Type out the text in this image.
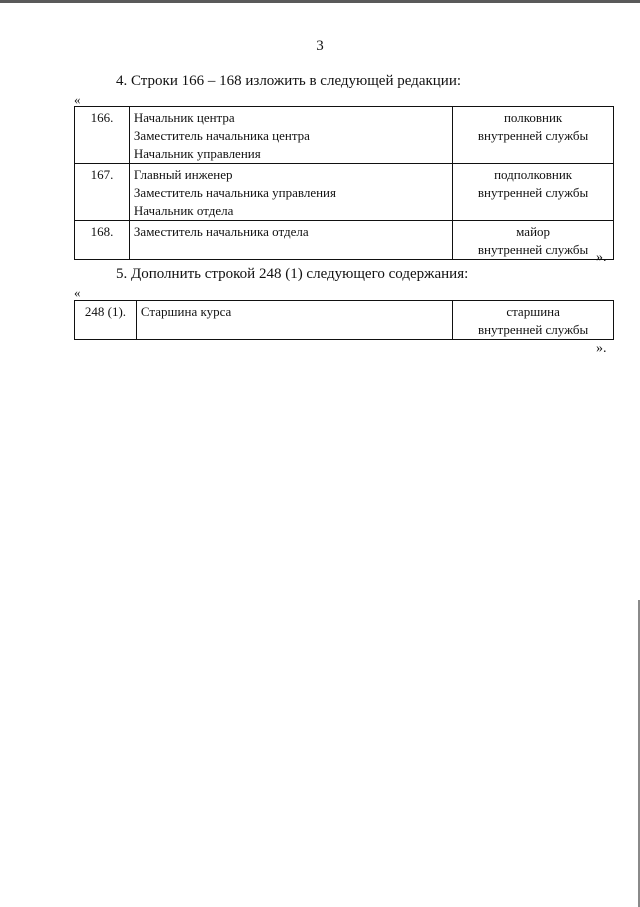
3
4. Строки 166 – 168 изложить в следующей редакции:
«
166.	Начальник центра
Заместитель начальника центра
Начальник управления	полковник
внутренней службы

167.	Главный инженер
Заместитель начальника управления
Начальник отдела	подполковник
внутренней службы

168.	Заместитель начальника отдела	майор
внутренней службы
».
5. Дополнить строкой 248 (1) следующего содержания:
«
248 (1).	Старшина курса	старшина
внутренней службы
».
